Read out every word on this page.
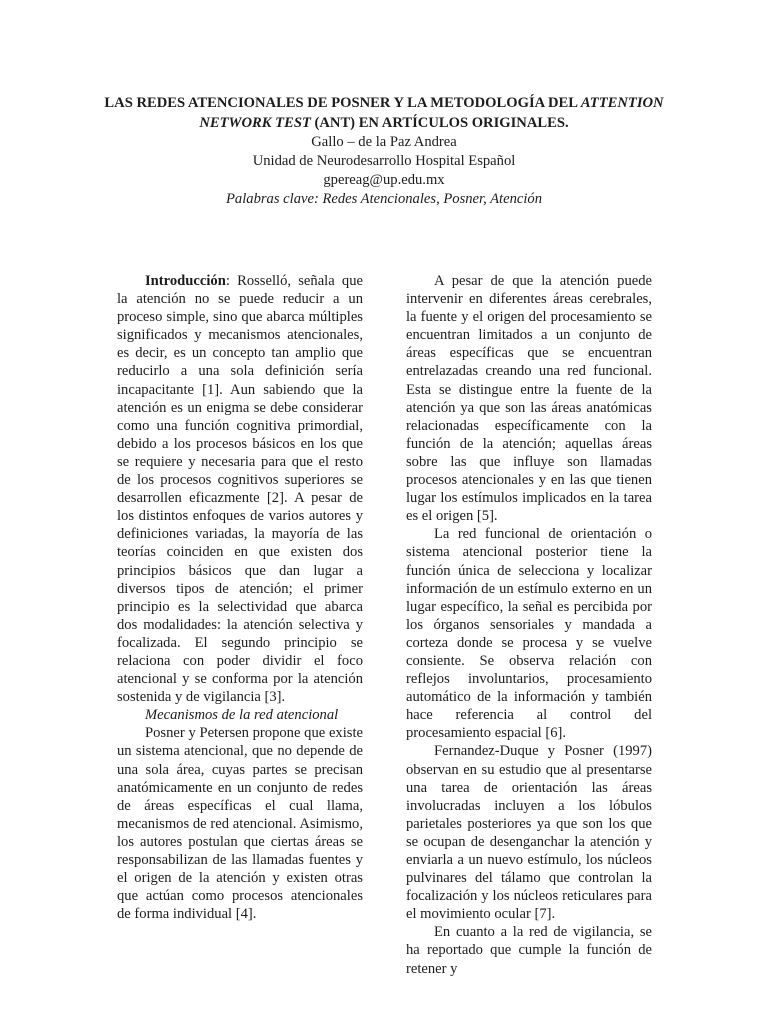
LAS REDES ATENCIONALES DE POSNER Y LA METODOLOGÍA DEL ATTENTION NETWORK TEST (ANT) EN ARTÍCULOS ORIGINALES.

Gallo – de la Paz Andrea

Unidad de Neurodesarrollo Hospital Español

gpereag@up.edu.mx

Palabras clave: Redes Atencionales, Posner, Atención

Introducción: Rosselló, señala que la atención no se puede reducir a un proceso simple, sino que abarca múltiples significados y mecanismos atencionales, es decir, es un concepto tan amplio que reducirlo a una sola definición sería incapacitante [1]. Aun sabiendo que la atención es un enigma se debe considerar como una función cognitiva primordial, debido a los procesos básicos en los que se requiere y necesaria para que el resto de los procesos cognitivos superiores se desarrollen eficazmente [2]. A pesar de los distintos enfoques de varios autores y definiciones variadas, la mayoría de las teorías coinciden en que existen dos principios básicos que dan lugar a diversos tipos de atención; el primer principio es la selectividad que abarca dos modalidades: la atención selectiva y focalizada. El segundo principio se relaciona con poder dividir el foco atencional y se conforma por la atención sostenida y de vigilancia [3].

Mecanismos de la red atencional

Posner y Petersen propone que existe un sistema atencional, que no depende de una sola área, cuyas partes se precisan anatómicamente en un conjunto de redes de áreas específicas el cual llama, mecanismos de red atencional. Asimismo, los autores postulan que ciertas áreas se responsabilizan de las llamadas fuentes y el origen de la atención y existen otras que actúan como procesos atencionales de forma individual [4].

A pesar de que la atención puede intervenir en diferentes áreas cerebrales, la fuente y el origen del procesamiento se encuentran limitados a un conjunto de áreas específicas que se encuentran entrelazadas creando una red funcional. Esta se distingue entre la fuente de la atención ya que son las áreas anatómicas relacionadas específicamente con la función de la atención; aquellas áreas sobre las que influye son llamadas procesos atencionales y en las que tienen lugar los estímulos implicados en la tarea es el origen [5].

La red funcional de orientación o sistema atencional posterior tiene la función única de selecciona y localizar información de un estímulo externo en un lugar específico, la señal es percibida por los órganos sensoriales y mandada a corteza donde se procesa y se vuelve consiente. Se observa relación con reflejos involuntarios, procesamiento automático de la información y también hace referencia al control del procesamiento espacial [6].

Fernandez-Duque y Posner (1997) observan en su estudio que al presentarse una tarea de orientación las áreas involucradas incluyen a los lóbulos parietales posteriores ya que son los que se ocupan de desenganchar la atención y enviarla a un nuevo estímulo, los núcleos pulvinares del tálamo que controlan la focalización y los núcleos reticulares para el movimiento ocular [7].

En cuanto a la red de vigilancia, se ha reportado que cumple la función de retener y
